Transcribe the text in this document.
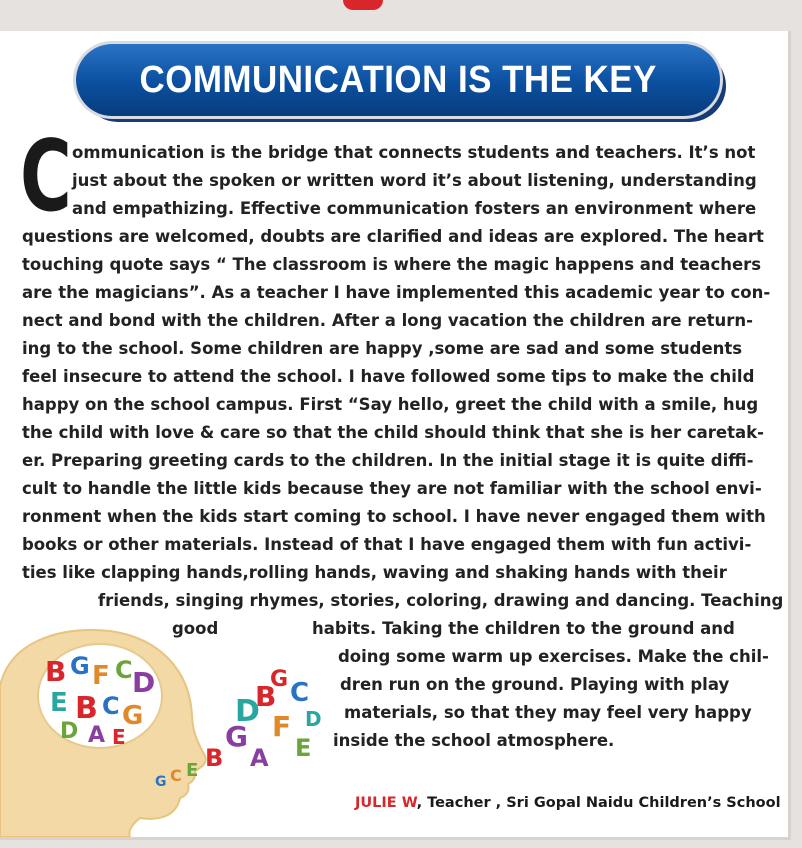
COMMUNICATION IS THE KEY
C ommunication is the bridge that connects students and teachers. It’s not
just about the spoken or written word it’s about listening, understanding
and empathizing. Effective communication fosters an environment where
questions are welcomed, doubts are clarified and ideas are explored. The heart
touching quote says “ The classroom is where the magic happens and teachers
are the magicians”. As a teacher I have implemented this academic year to con-
nect and bond with the children. After a long vacation the children are return-
ing to the school. Some children are happy ,some are sad and some students
feel insecure to attend the school. I have followed some tips to make the child
happy on the school campus. First “Say hello, greet the child with a smile, hug
the child with love & care so that the child should think that she is her caretak-
er. Preparing greeting cards to the children. In the initial stage it is quite diffi-
cult to handle the little kids because they are not familiar with the school envi-
ronment when the kids start coming to school. I have never engaged them with
books or other materials. Instead of that I have engaged them with fun activi-
ties like clapping hands,rolling hands, waving and shaking hands with their
friends, singing rhymes, stories, coloring, drawing and dancing. Teaching
good	habits. Taking the children to the ground and
doing some warm up exercises. Make the chil-
dren run on the ground. Playing with play
materials, so that they may feel very happy
inside the school atmosphere.
B G F C D
E B C G
D A E
G C E B
G
D
B
F
C
E
A
G
D
JULIE W, Teacher , Sri Gopal Naidu Children’s School
